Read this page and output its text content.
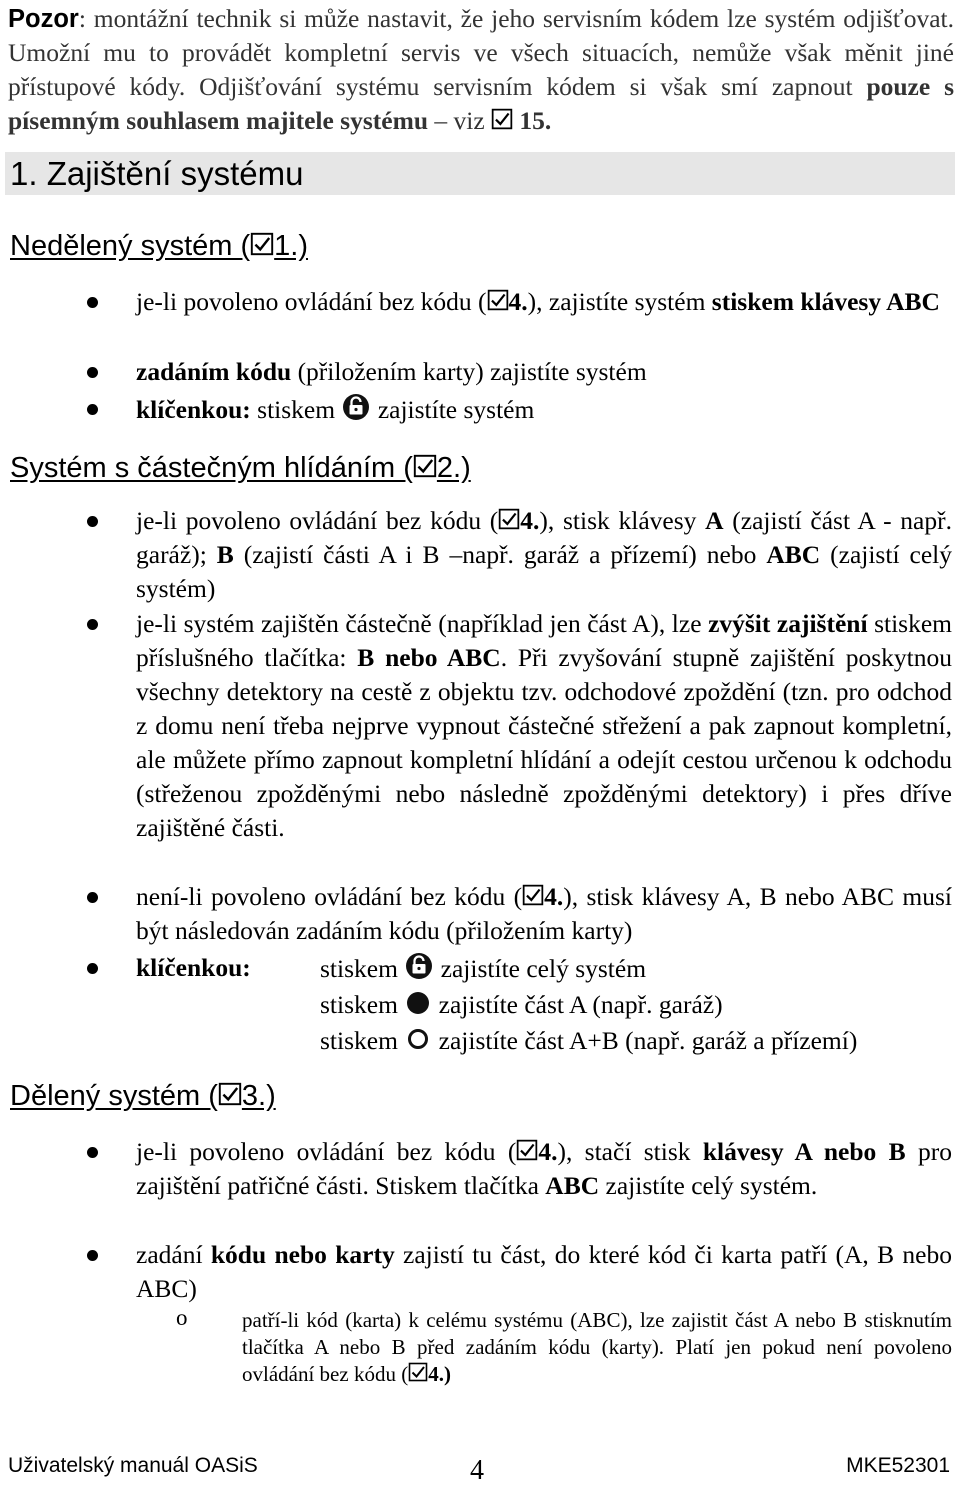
Pozor: montážní technik si může nastavit, že jeho servisním kódem lze systém odjišťovat. Umožní mu to provádět kompletní servis ve všech situacích, nemůže však měnit jiné přístupové kódy. Odjišťování systému servisním kódem si však smí zapnout pouze s písemným souhlasem majitele systému – viz  15.
1. Zajištění systému
Nedělený systém ( 1.)
je-li povoleno ovládání bez kódu ( 4.), zajistíte systém stiskem klávesy ABC
zadáním kódu (přiložením karty) zajistíte systém
klíčenkou: stiskem  zajistíte systém
Systém s částečným hlídáním ( 2.)
je-li povoleno ovládání bez kódu ( 4.), stisk klávesy A (zajistí část A - např. garáž); B (zajistí části A i B –např. garáž a přízemí) nebo ABC (zajistí celý systém)
je-li systém zajištěn částečně (například jen část A), lze zvýšit zajištění stiskem příslušného tlačítka: B nebo ABC. Při zvyšování stupně zajištění poskytnou všechny detektory na cestě z objektu tzv. odchodové zpoždění (tzn. pro odchod z domu není třeba nejprve vypnout částečné střežení a pak zapnout kompletní, ale můžete přímo zapnout kompletní hlídání a odejít cestou určenou k odchodu (střeženou zpožděnými nebo následně zpožděnými detektory) i přes dříve zajištěné části.
není-li povoleno ovládání bez kódu ( 4.), stisk klávesy A, B nebo ABC musí být následován zadáním kódu (přiložením karty)
klíčenkou:	stiskem zajistíte celý systém
stiskem zajistíte část A (např. garáž)
stiskem zajistíte část A+B (např. garáž a přízemí)
Dělený systém ( 3.)
je-li povoleno ovládání bez kódu ( 4.), stačí stisk klávesy A nebo B pro zajištění patřičné části. Stiskem tlačítka ABC zajistíte celý systém.
zadání kódu nebo karty zajistí tu část, do které kód či karta patří (A, B nebo ABC)
o	patří-li kód (karta) k celému systému (ABC), lze zajistit část A nebo B stisknutím tlačítka A nebo B před zadáním kódu (karty). Platí jen pokud není povoleno ovládání bez kódu ( 4.)
Uživatelský manuál OASiS	4	MKE52301
